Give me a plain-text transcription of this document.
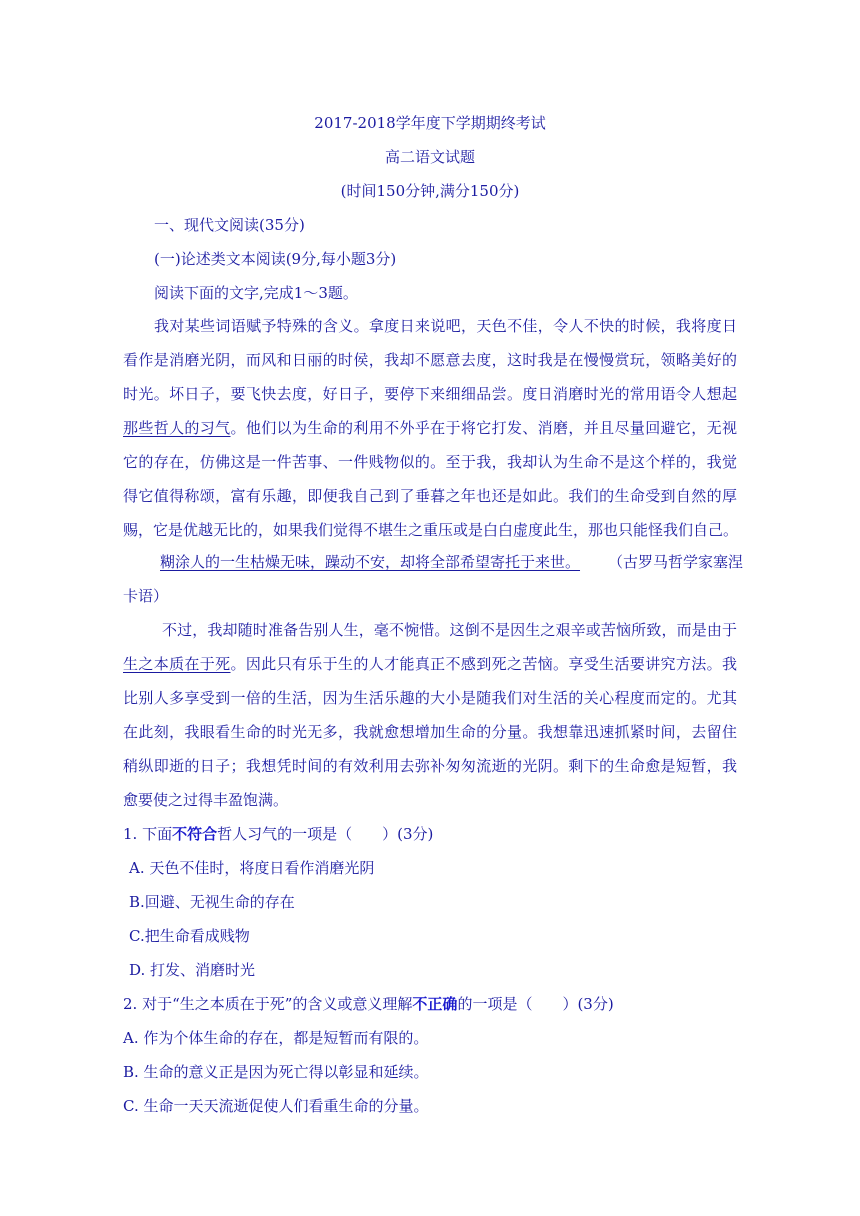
2017-2018学年度下学期期终考试
高二语文试题
(时间150分钟,满分150分)
一、现代文阅读(35分)
(一)论述类文本阅读(9分,每小题3分)
阅读下面的文字,完成1～3题。
我对某些词语赋予特殊的含义。拿度日来说吧，天色不佳，令人不快的时候，我将度日
看作是消磨光阴，而风和日丽的时侯，我却不愿意去度，这时我是在慢慢赏玩，领略美好的
时光。坏日子，要飞快去度，好日子，要停下来细细品尝。度日消磨时光的常用语令人想起
那些哲人的习气。他们以为生命的利用不外乎在于将它打发、消磨，并且尽量回避它，无视
它的存在，仿佛这是一件苦事、一件贱物似的。至于我，我却认为生命不是这个样的，我觉
得它值得称颂，富有乐趣，即便我自己到了垂暮之年也还是如此。我们的生命受到自然的厚
赐，它是优越无比的，如果我们觉得不堪生之重压或是白白虚度此生，那也只能怪我们自己。
糊涂人的一生枯燥无味，躁动不安，却将全部希望寄托于来世。 （古罗马哲学家塞涅
卡语）
不过，我却随时准备告别人生，毫不惋惜。这倒不是因生之艰辛或苦恼所致，而是由于
生之本质在于死。因此只有乐于生的人才能真正不感到死之苦恼。享受生活要讲究方法。我
比别人多享受到一倍的生活，因为生活乐趣的大小是随我们对生活的关心程度而定的。尤其
在此刻，我眼看生命的时光无多，我就愈想增加生命的分量。我想靠迅速抓紧时间，去留住
稍纵即逝的日子；我想凭时间的有效利用去弥补匆匆流逝的光阴。剩下的生命愈是短暂，我
愈要使之过得丰盈饱满。
1. 下面不符合哲人习气的一项是（　　）(3分)
A. 天色不佳时，将度日看作消磨光阴
B.回避、无视生命的存在
C.把生命看成贱物
D. 打发、消磨时光
2. 对于“生之本质在于死”的含义或意义理解不正确的一项是（　　）(3分)
A. 作为个体生命的存在，都是短暂而有限的。
B. 生命的意义正是因为死亡得以彰显和延续。
C. 生命一天天流逝促使人们看重生命的分量。
